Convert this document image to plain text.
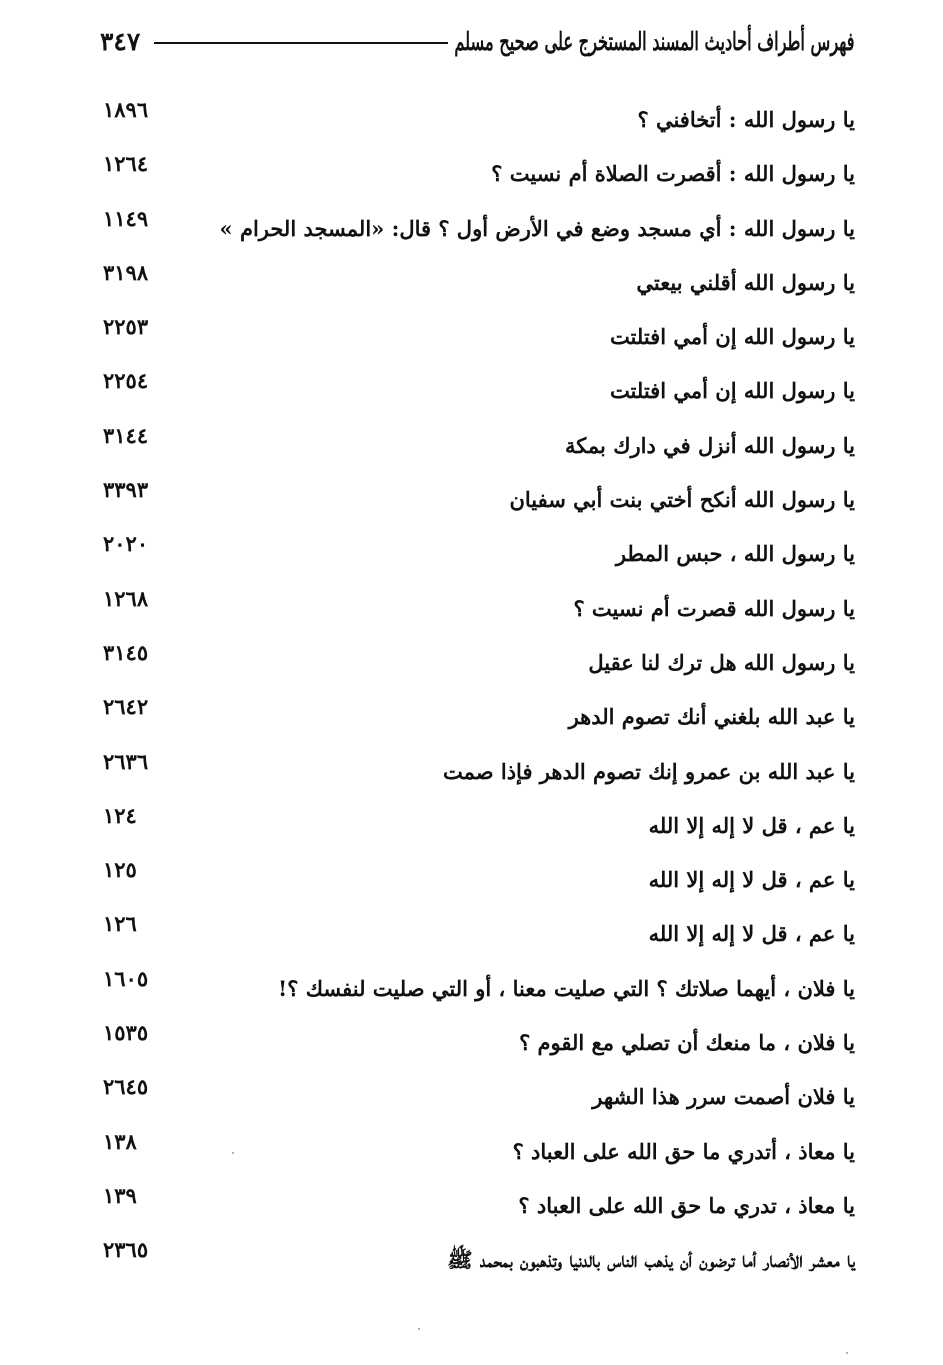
٣٤٧	فهرس أطراف أحاديث المسند المستخرج على صحيح مسلم
يا رسول الله : أتخافني ؟
١٨٩٦
يا رسول الله : أقصرت الصلاة أم نسيت ؟
١٢٦٤
يا رسول الله : أي مسجد وضع في الأرض أول ؟ قال: «المسجد الحرام »
١١٤٩
يا رسول الله أقلني بيعتي
٣١٩٨
يا رسول الله إن أمي افتلتت
٢٢٥٣
يا رسول الله إن أمي افتلتت
٢٢٥٤
يا رسول الله أنزل في دارك بمكة
٣١٤٤
يا رسول الله أنكح أختي بنت أبي سفيان
٣٣٩٣
يا رسول الله ، حبس المطر
٢٠٢٠
يا رسول الله قصرت أم نسيت ؟
١٢٦٨
يا رسول الله هل ترك لنا عقيل
٣١٤٥
يا عبد الله بلغني أنك تصوم الدهر
٢٦٤٢
يا عبد الله بن عمرو إنك تصوم الدهر فإذا صمت
٢٦٣٦
يا عم ، قل لا إله إلا الله
١٢٤
يا عم ، قل لا إله إلا الله
١٢٥
يا عم ، قل لا إله إلا الله
١٢٦
يا فلان ، أيهما صلاتك ؟ التي صليت معنا ، أو التي صليت لنفسك ؟!
١٦٠٥
يا فلان ، ما منعك أن تصلي مع القوم ؟
١٥٣٥
يا فلان أصمت سرر هذا الشهر
٢٦٤٥
يا معاذ ، أتدري ما حق الله على العباد ؟
١٣٨
يا معاذ ، تدري ما حق الله على العباد ؟
١٣٩
يا معشر الأنصار أما ترضون أن يذهب الناس بالدنيا وتذهبون بمحمد ﷺ
٢٣٦٥
